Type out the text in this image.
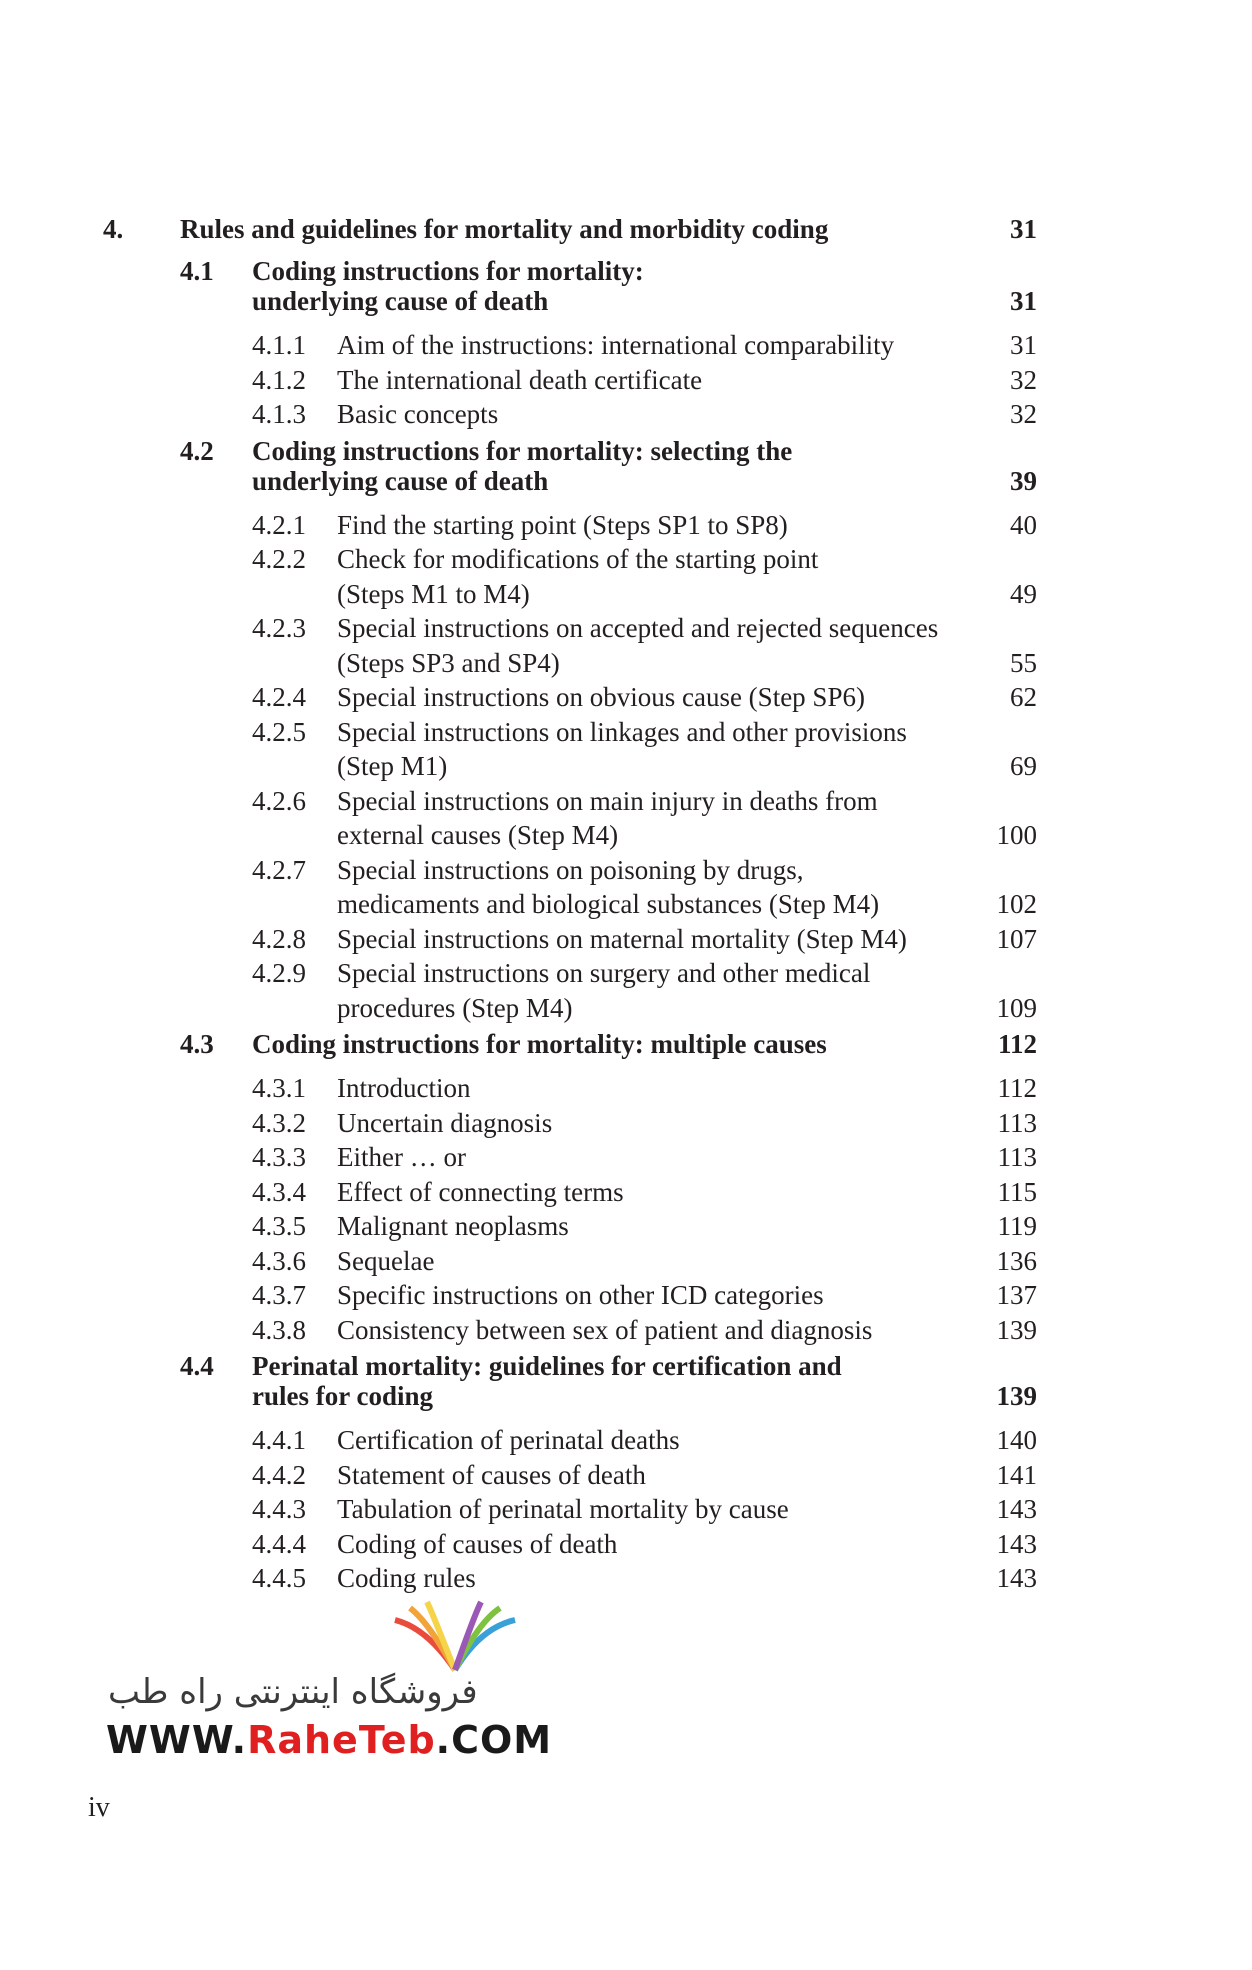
4. Rules and guidelines for mortality and morbidity coding	31
4.1 Coding instructions for mortality:
underlying cause of death	31
4.1.1 Aim of the instructions: international comparability	31
4.1.2 The international death certificate	32
4.1.3 Basic concepts	32
4.2 Coding instructions for mortality: selecting the
underlying cause of death	39
4.2.1 Find the starting point (Steps SP1 to SP8)	40
4.2.2 Check for modifications of the starting point
(Steps M1 to M4)	49
4.2.3 Special instructions on accepted and rejected sequences
(Steps SP3 and SP4)	55
4.2.4 Special instructions on obvious cause (Step SP6)	62
4.2.5 Special instructions on linkages and other provisions
(Step M1)	69
4.2.6 Special instructions on main injury in deaths from
external causes (Step M4)	100
4.2.7 Special instructions on poisoning by drugs,
medicaments and biological substances (Step M4)	102
4.2.8 Special instructions on maternal mortality (Step M4)	107
4.2.9 Special instructions on surgery and other medical
procedures (Step M4)	109
4.3 Coding instructions for mortality: multiple causes	112
4.3.1 Introduction	112
4.3.2 Uncertain diagnosis	113
4.3.3 Either … or	113
4.3.4 Effect of connecting terms	115
4.3.5 Malignant neoplasms	119
4.3.6 Sequelae	136
4.3.7 Specific instructions on other ICD categories	137
4.3.8 Consistency between sex of patient and diagnosis	139
4.4 Perinatal mortality: guidelines for certification and
rules for coding	139
4.4.1 Certification of perinatal deaths	140
4.4.2 Statement of causes of death	141
4.4.3 Tabulation of perinatal mortality by cause	143
4.4.4 Coding of causes of death	143
4.4.5 Coding rules	143
فروشگاه اینترنتی راه طب
WWW.RaheTeb.COM
iv
